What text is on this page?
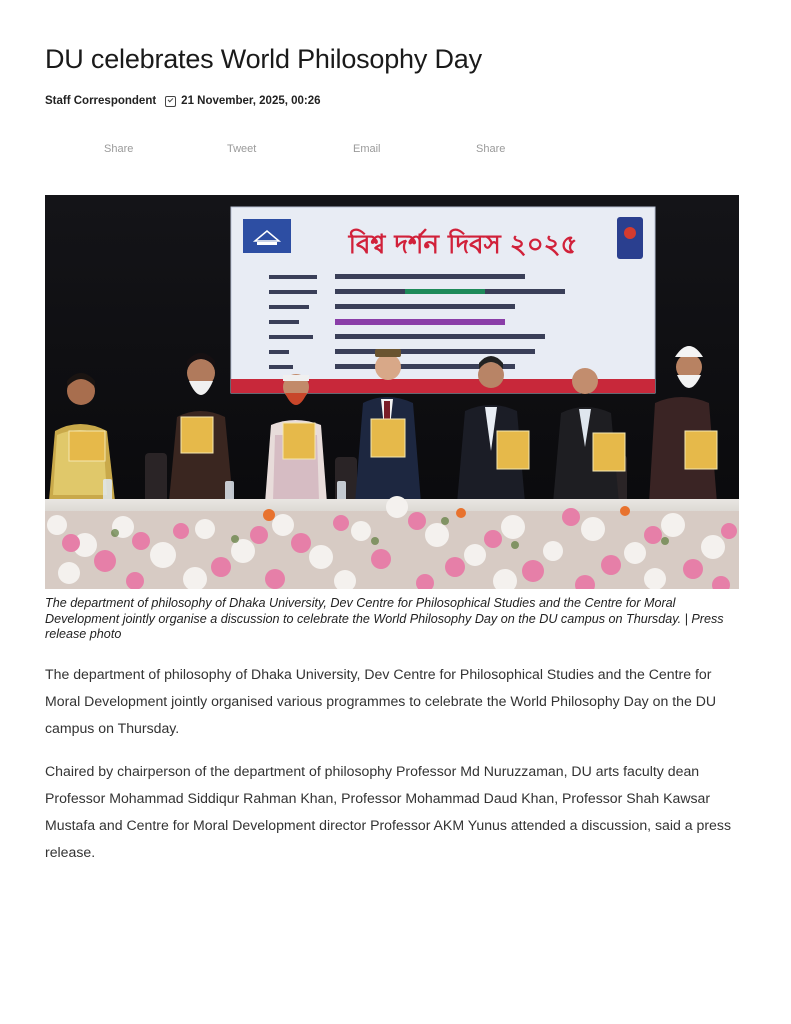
DU celebrates World Philosophy Day
Staff Correspondent 21 November, 2025, 00:26
Share	Tweet	Email	Share
বিশ্ব দর্শন দিবস ২০২৫

The department of philosophy of Dhaka University, Dev Centre for Philosophical Studies and the Centre for Moral Development jointly organise a discussion to celebrate the World Philosophy Day on the DU campus on Thursday. | Press release photo

The department of philosophy of Dhaka University, Dev Centre for Philosophical Studies and the Centre for Moral Development jointly organised various programmes to celebrate the World Philosophy Day on the DU campus on Thursday.

Chaired by chairperson of the department of philosophy Professor Md Nuruzzaman, DU arts faculty dean Professor Mohammad Siddiqur Rahman Khan, Professor Mohammad Daud Khan, Professor Shah Kawsar Mustafa and Centre for Moral Development director Professor AKM Yunus attended a discussion, said a press release.
